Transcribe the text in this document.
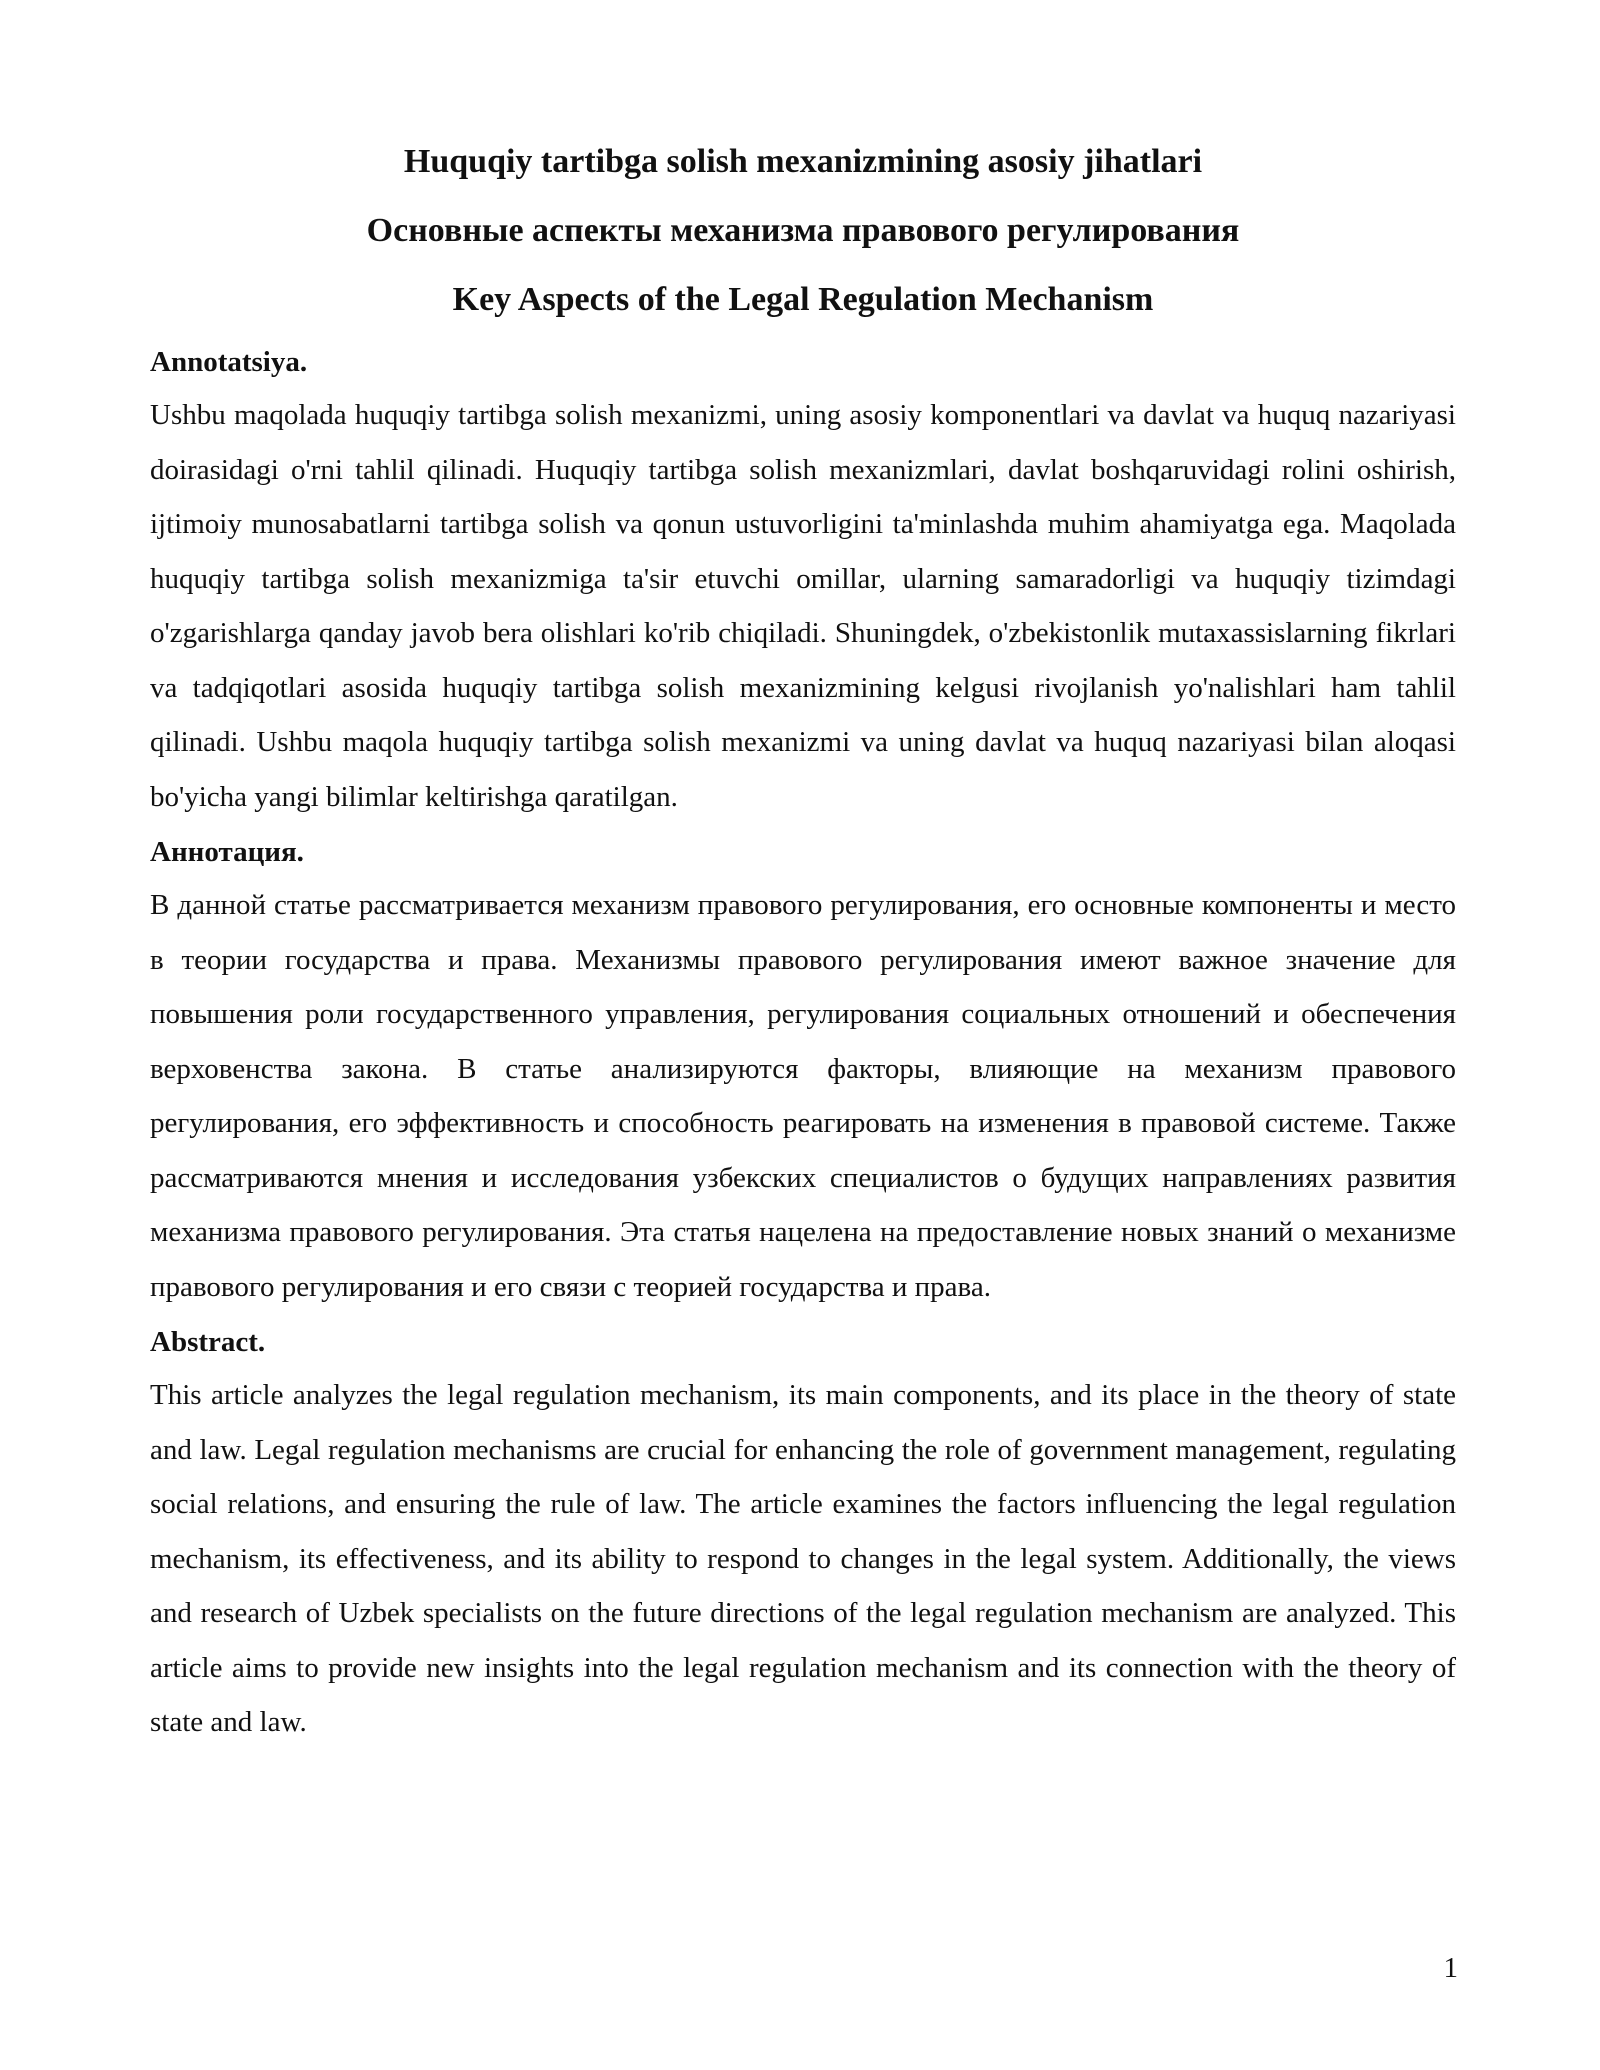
Huquqiy tartibga solish mexanizmining asosiy jihatlari
Основные аспекты механизма правового регулирования
Key Aspects of the Legal Regulation Mechanism
Annotatsiya.

Ushbu maqolada huquqiy tartibga solish mexanizmi, uning asosiy komponentlari va davlat va huquq nazariyasi doirasidagi o'rni tahlil qilinadi. Huquqiy tartibga solish mexanizmlari, davlat boshqaruvidagi rolini oshirish, ijtimoiy munosabatlarni tartibga solish va qonun ustuvorligini ta'minlashda muhim ahamiyatga ega. Maqolada huquqiy tartibga solish mexanizmiga ta'sir etuvchi omillar, ularning samaradorligi va huquqiy tizimdagi o'zgarishlarga qanday javob bera olishlari ko'rib chiqiladi. Shuningdek, o'zbekistonlik mutaxassislarning fikrlari va tadqiqotlari asosida huquqiy tartibga solish mexanizmining kelgusi rivojlanish yo'nalishlari ham tahlil qilinadi. Ushbu maqola huquqiy tartibga solish mexanizmi va uning davlat va huquq nazariyasi bilan aloqasi bo'yicha yangi bilimlar keltirishga qaratilgan.

Аннотация.

В данной статье рассматривается механизм правового регулирования, его основные компоненты и место в теории государства и права. Механизмы правового регулирования имеют важное значение для повышения роли государственного управления, регулирования социальных отношений и обеспечения верховенства закона. В статье анализируются факторы, влияющие на механизм правового регулирования, его эффективность и способность реагировать на изменения в правовой системе. Также рассматриваются мнения и исследования узбекских специалистов о будущих направлениях развития механизма правового регулирования. Эта статья нацелена на предоставление новых знаний о механизме правового регулирования и его связи с теорией государства и права.

Abstract.

This article analyzes the legal regulation mechanism, its main components, and its place in the theory of state and law. Legal regulation mechanisms are crucial for enhancing the role of government management, regulating social relations, and ensuring the rule of law. The article examines the factors influencing the legal regulation mechanism, its effectiveness, and its ability to respond to changes in the legal system. Additionally, the views and research of Uzbek specialists on the future directions of the legal regulation mechanism are analyzed. This article aims to provide new insights into the legal regulation mechanism and its connection with the theory of state and law.

1
